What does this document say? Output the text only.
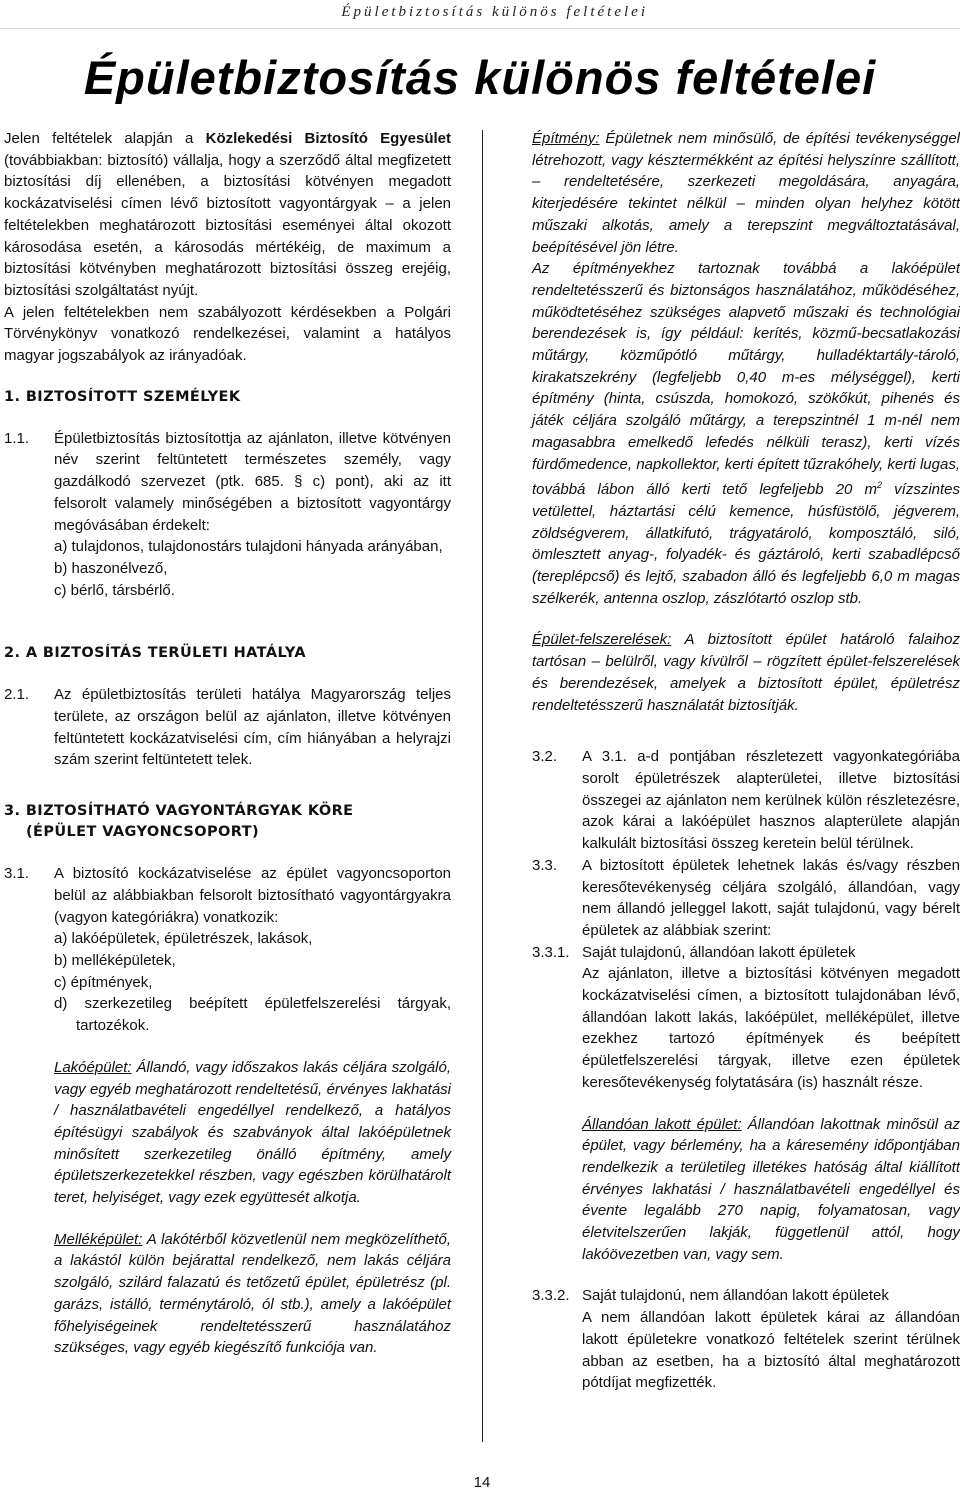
Épületbiztosítás különös feltételei
Épületbiztosítás különös feltételei

Jelen feltételek alapján a Közlekedési Biztosító Egyesület (továbbiakban: biztosító) vállalja, hogy a szerződő által megfizetett biztosítási díj ellenében, a biztosítási kötvényen megadott kockázatviselési címen lévő biztosított vagyontárgyak – a jelen feltételekben meghatározott biztosítási eseményei által okozott károsodása esetén, a károsodás mértékéig, de maximum a biztosítási kötvényben meghatározott biztosítási összeg erejéig, biztosítási szolgáltatást nyújt.

A jelen feltételekben nem szabályozott kérdésekben a Polgári Törvénykönyv vonatkozó rendelkezései, valamint a hatályos magyar jogszabályok az irányadóak.

1. BIZTOSÍTOTT SZEMÉLYEK
1.1.	Épületbiztosítás biztosítottja az ajánlaton, illetve kötvényen név szerint feltüntetett természetes személy, vagy gazdálkodó szervezet (ptk. 685. § c) pont), aki az itt felsorolt valamely minőségében a biztosított vagyontárgy megóvásában érdekelt:

a) tulajdonos, tulajdonostárs tulajdoni hányada arányában,

b) haszonélvező,

c) bérlő, társbérlő.

2. A BIZTOSÍTÁS TERÜLETI HATÁLYA
2.1.	Az épületbiztosítás területi hatálya Magyarország teljes területe, az országon belül az ajánlaton, illetve kötvényen feltüntetett kockázatviselési cím, cím hiányában a helyrajzi szám szerint feltüntetett telek.

3. BIZTOSÍTHATÓ VAGYONTÁRGYAK KÖRE
(ÉPÜLET VAGYONCSOPORT)
3.1.	A biztosító kockázatviselése az épület vagyoncsoporton belül az alábbiakban felsorolt biztosítható vagyontárgyakra (vagyon kategóriákra) vonatkozik:

a) lakóépületek, épületrészek, lakások,

b) melléképületek,

c) építmények,

d) szerkezetileg beépített épületfelszerelési tárgyak, tartozékok.

Lakóépület: Állandó, vagy időszakos lakás céljára szolgáló, vagy egyéb meghatározott rendeltetésű, érvényes lakhatási / használatbavételi engedéllyel rendelkező, a hatályos építésügyi szabályok és szabványok által lakóépületnek minősített szerkezetileg önálló építmény, amely épületszerkezetekkel részben, vagy egészben körülhatárolt teret, helyiséget, vagy ezek együttesét alkotja.

Melléképület: A lakótérből közvetlenül nem megközelíthető, a lakástól külön bejárattal rendelkező, nem lakás céljára szolgáló, szilárd falazatú és tetőzetű épület, épületrész (pl. garázs, istálló, terménytároló, ól stb.), amely a lakóépület főhelyiségeinek rendeltetésszerű használatához szükséges, vagy egyéb kiegészítő funkciója van.

Építmény: Épületnek nem minősülő, de építési tevékenységgel létrehozott, vagy késztermékként az építési helyszínre szállított, – rendeltetésére, szerkezeti megoldására, anyagára, kiterjedésére tekintet nélkül – minden olyan helyhez kötött műszaki alkotás, amely a terepszint megváltoztatásával, beépítésével jön létre.

Az építményekhez tartoznak továbbá a lakóépület rendeltetésszerű és biztonságos használatához, működéséhez, működtetéséhez szükséges alapvető műszaki és technológiai berendezések is, így például: kerítés, közmű-becsatlakozási műtárgy, közműpótló műtárgy, hulladéktartály-tároló, kirakatszekrény (legfeljebb 0,40 m-es mélységgel), kerti építmény (hinta, csúszda, homokozó, szökőkút, pihenés és játék céljára szolgáló műtárgy, a terepszintnél 1 m-nél nem magasabbra emelkedő lefedés nélküli terasz), kerti vízés fürdőmedence, napkollektor, kerti épített tűzrakóhely, kerti lugas, továbbá lábon álló kerti tető legfeljebb 20 $m^2$ vízszintes vetülettel, háztartási célú kemence, húsfüstölő, jégverem, zöldségverem, állatkifutó, trágyatároló, komposztáló, siló, ömlesztett anyag-, folyadék- és gáztároló, kerti szabadlépcső (tereplépcső) és lejtő, szabadon álló és legfeljebb 6,0 m magas szélkerék, antenna oszlop, zászlótartó oszlop stb.

Épület-felszerelések: A biztosított épület határoló falaihoz tartósan – belülről, vagy kívülről – rögzített épület-felszerelések és berendezések, amelyek a biztosított épület, épületrész rendeltetésszerű használatát biztosítják.

3.2.	A 3.1. a-d pontjában részletezett vagyonkategóriába sorolt épületrészek alapterületei, illetve biztosítási összegei az ajánlaton nem kerülnek külön részletezésre, azok kárai a lakóépület hasznos alapterülete alapján kalkulált biztosítási összeg keretein belül térülnek.

3.3.	A biztosított épületek lehetnek lakás és/vagy részben keresőtevékenység céljára szolgáló, állandóan, vagy nem állandó jelleggel lakott, saját tulajdonú, vagy bérelt épületek az alábbiak szerint:

3.3.1. Saját tulajdonú, állandóan lakott épületek

Az ajánlaton, illetve a biztosítási kötvényen megadott kockázatviselési címen, a biztosított tulajdonában lévő, állandóan lakott lakás, lakóépület, melléképület, illetve ezekhez tartozó építmények és beépített épületfelszerelési tárgyak, illetve ezen épületek keresőtevékenység folytatására (is) használt része.

Állandóan lakott épület: Állandóan lakottnak minősül az épület, vagy bérlemény, ha a káresemény időpontjában rendelkezik a területileg illetékes hatóság által kiállított érvényes lakhatási / használatbavételi engedéllyel és évente legalább 270 napig, folyamatosan, vagy életvitelszerűen lakják, függetlenül attól, hogy lakóövezetben van, vagy sem.

3.3.2. Saját tulajdonú, nem állandóan lakott épületek

A nem állandóan lakott épületek kárai az állandóan lakott épületekre vonatkozó feltételek szerint térülnek abban az esetben, ha a biztosító által meghatározott pótdíjat megfizették.

14
